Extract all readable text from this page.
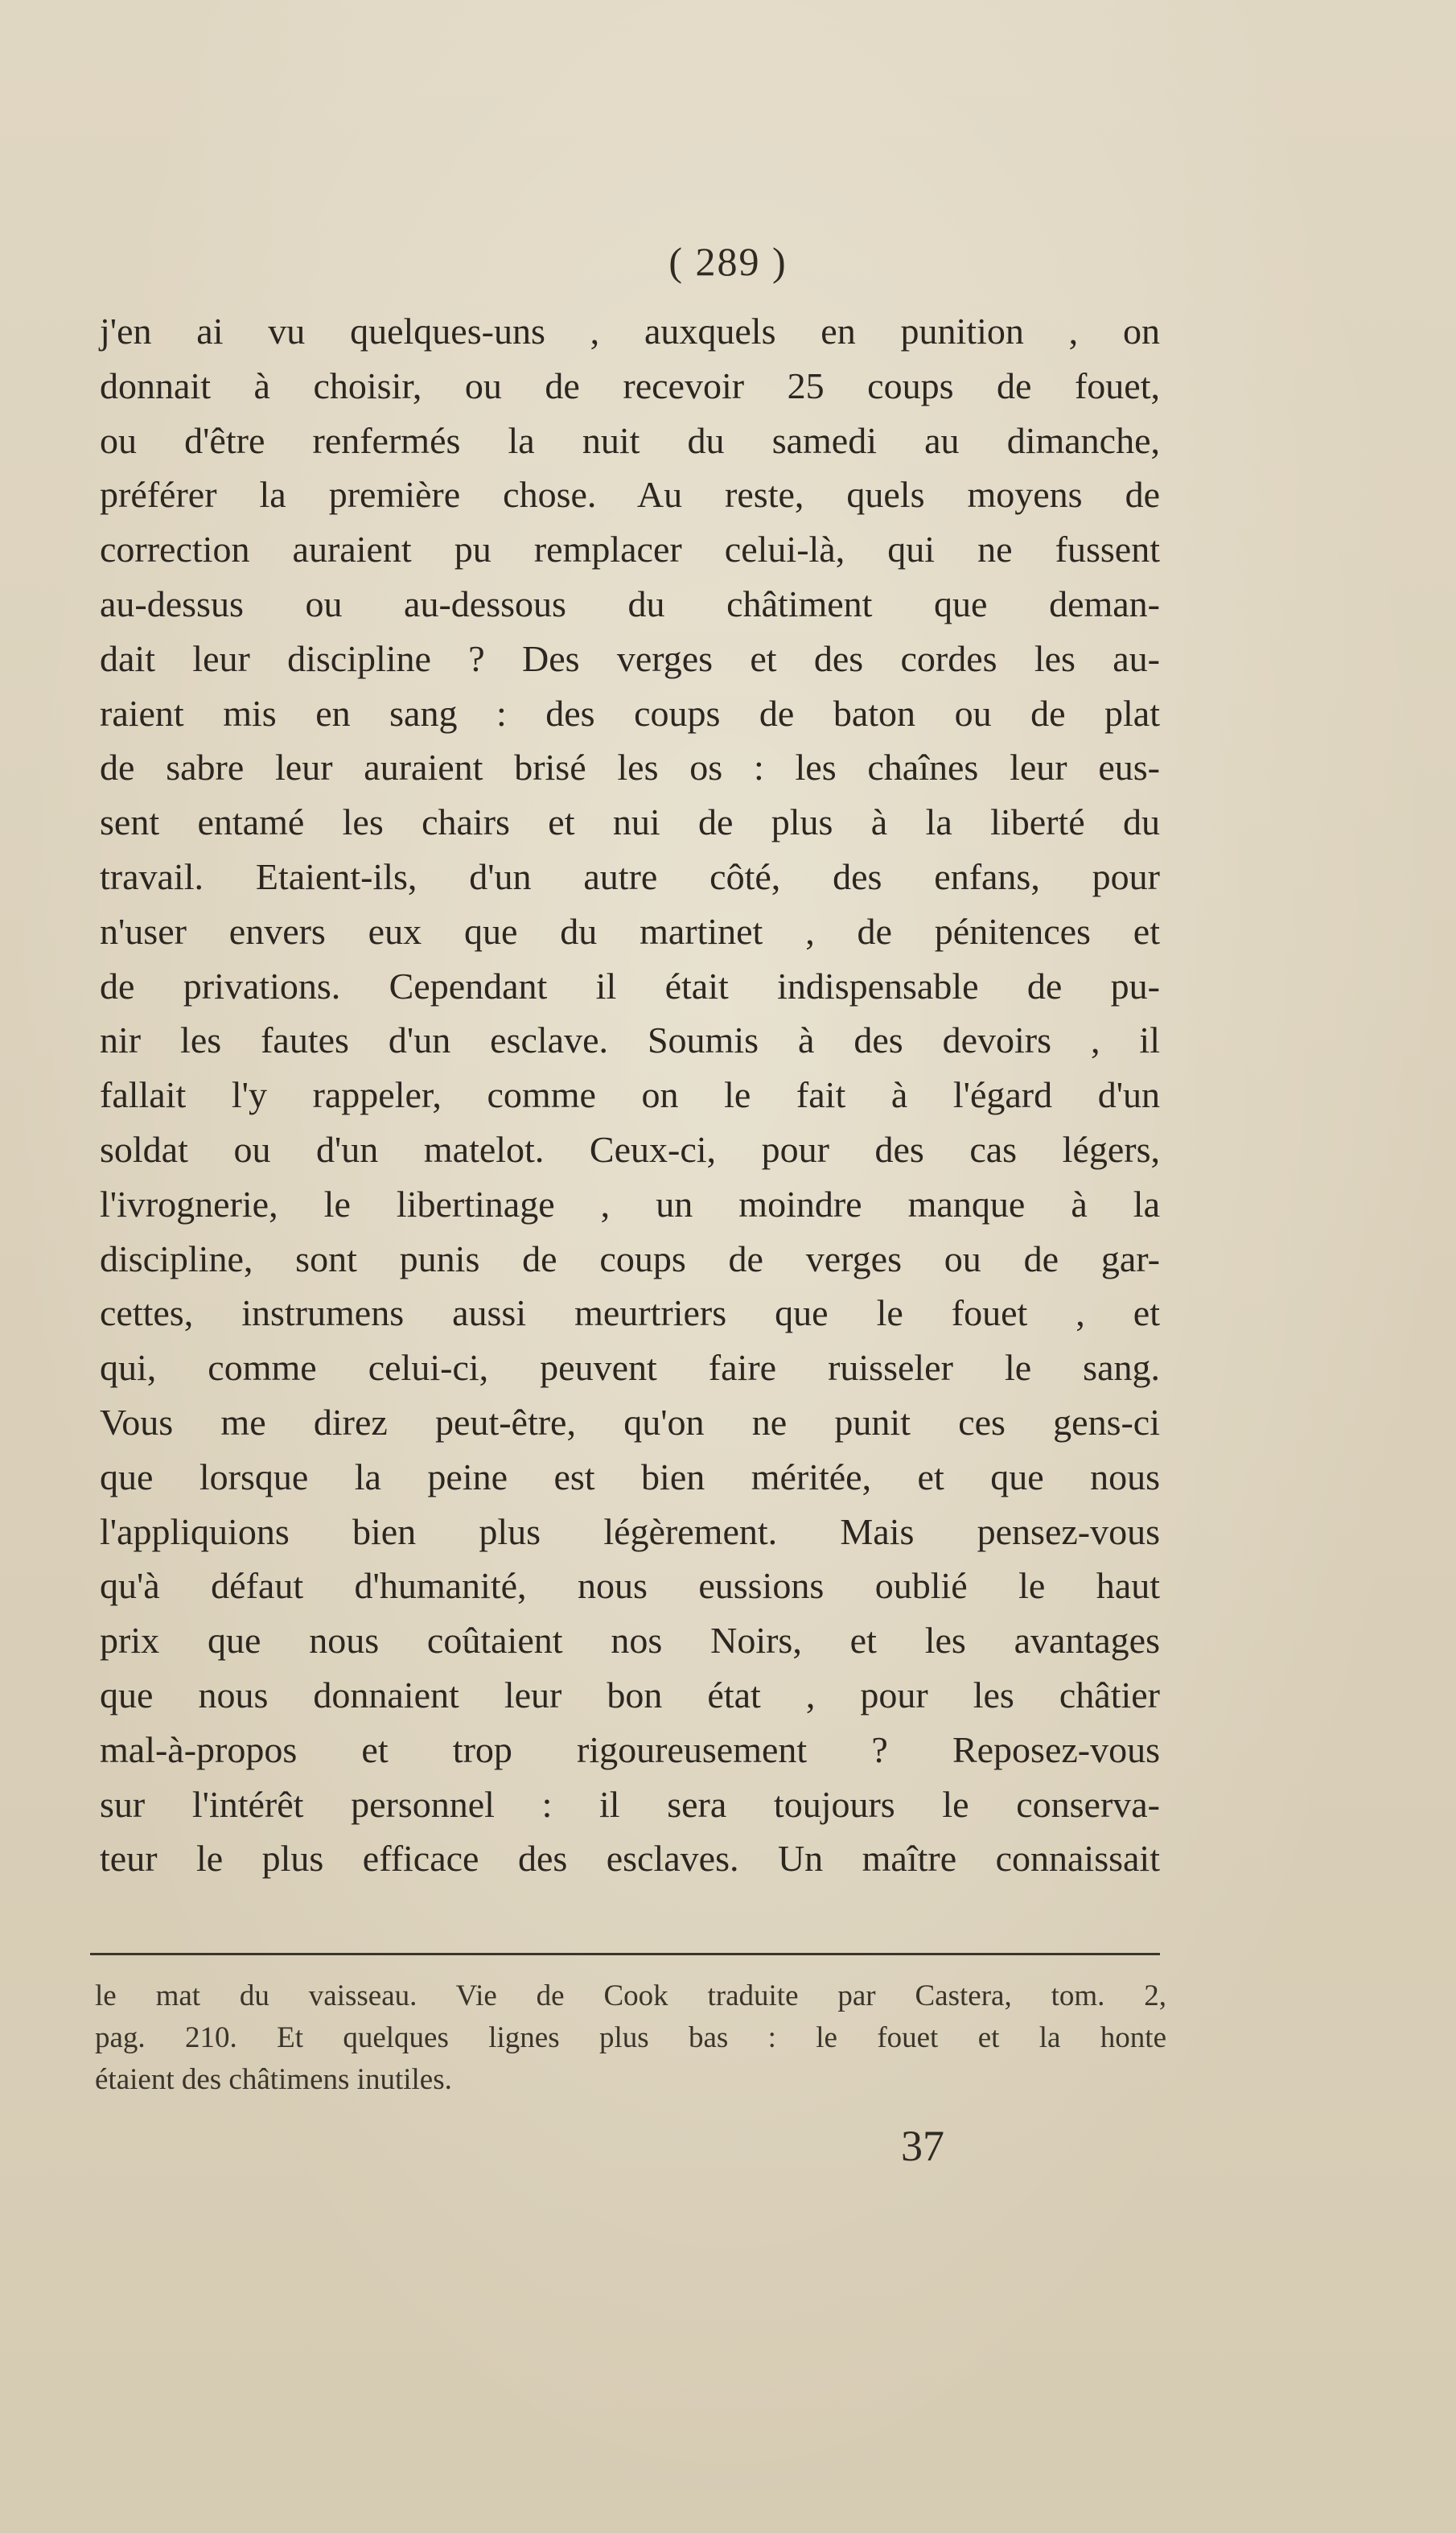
( 289 )
j'en ai vu quelques-uns , auxquels en punition , on
donnait à choisir, ou de recevoir 25 coups de fouet,
ou d'être renfermés la nuit du samedi au dimanche,
préférer la première chose. Au reste, quels moyens de
correction auraient pu remplacer celui-là, qui ne fussent
au-dessus ou au-dessous du châtiment que deman-
dait leur discipline ? Des verges et des cordes les au-
raient mis en sang : des coups de baton ou de plat
de sabre leur auraient brisé les os : les chaînes leur eus-
sent entamé les chairs et nui de plus à la liberté du
travail. Etaient-ils, d'un autre côté, des enfans, pour
n'user envers eux que du martinet , de pénitences et
de privations. Cependant il était indispensable de pu-
nir les fautes d'un esclave. Soumis à des devoirs , il
fallait l'y rappeler, comme on le fait à l'égard d'un
soldat ou d'un matelot. Ceux-ci, pour des cas légers,
l'ivrognerie, le libertinage , un moindre manque à la
discipline, sont punis de coups de verges ou de gar-
cettes, instrumens aussi meurtriers que le fouet , et
qui, comme celui-ci, peuvent faire ruisseler le sang.
Vous me direz peut-être, qu'on ne punit ces gens-ci
que lorsque la peine est bien méritée, et que nous
l'appliquions bien plus légèrement. Mais pensez-vous
qu'à défaut d'humanité, nous eussions oublié le haut
prix que nous coûtaient nos Noirs, et les avantages
que nous donnaient leur bon état , pour les châtier
mal-à-propos et trop rigoureusement ? Reposez-vous
sur l'intérêt personnel : il sera toujours le conserva-
teur le plus efficace des esclaves. Un maître connaissait
le mat du vaisseau. Vie de Cook traduite par Castera, tom. 2,
pag. 210. Et quelques lignes plus bas : le fouet et la honte
étaient des châtimens inutiles.
37
